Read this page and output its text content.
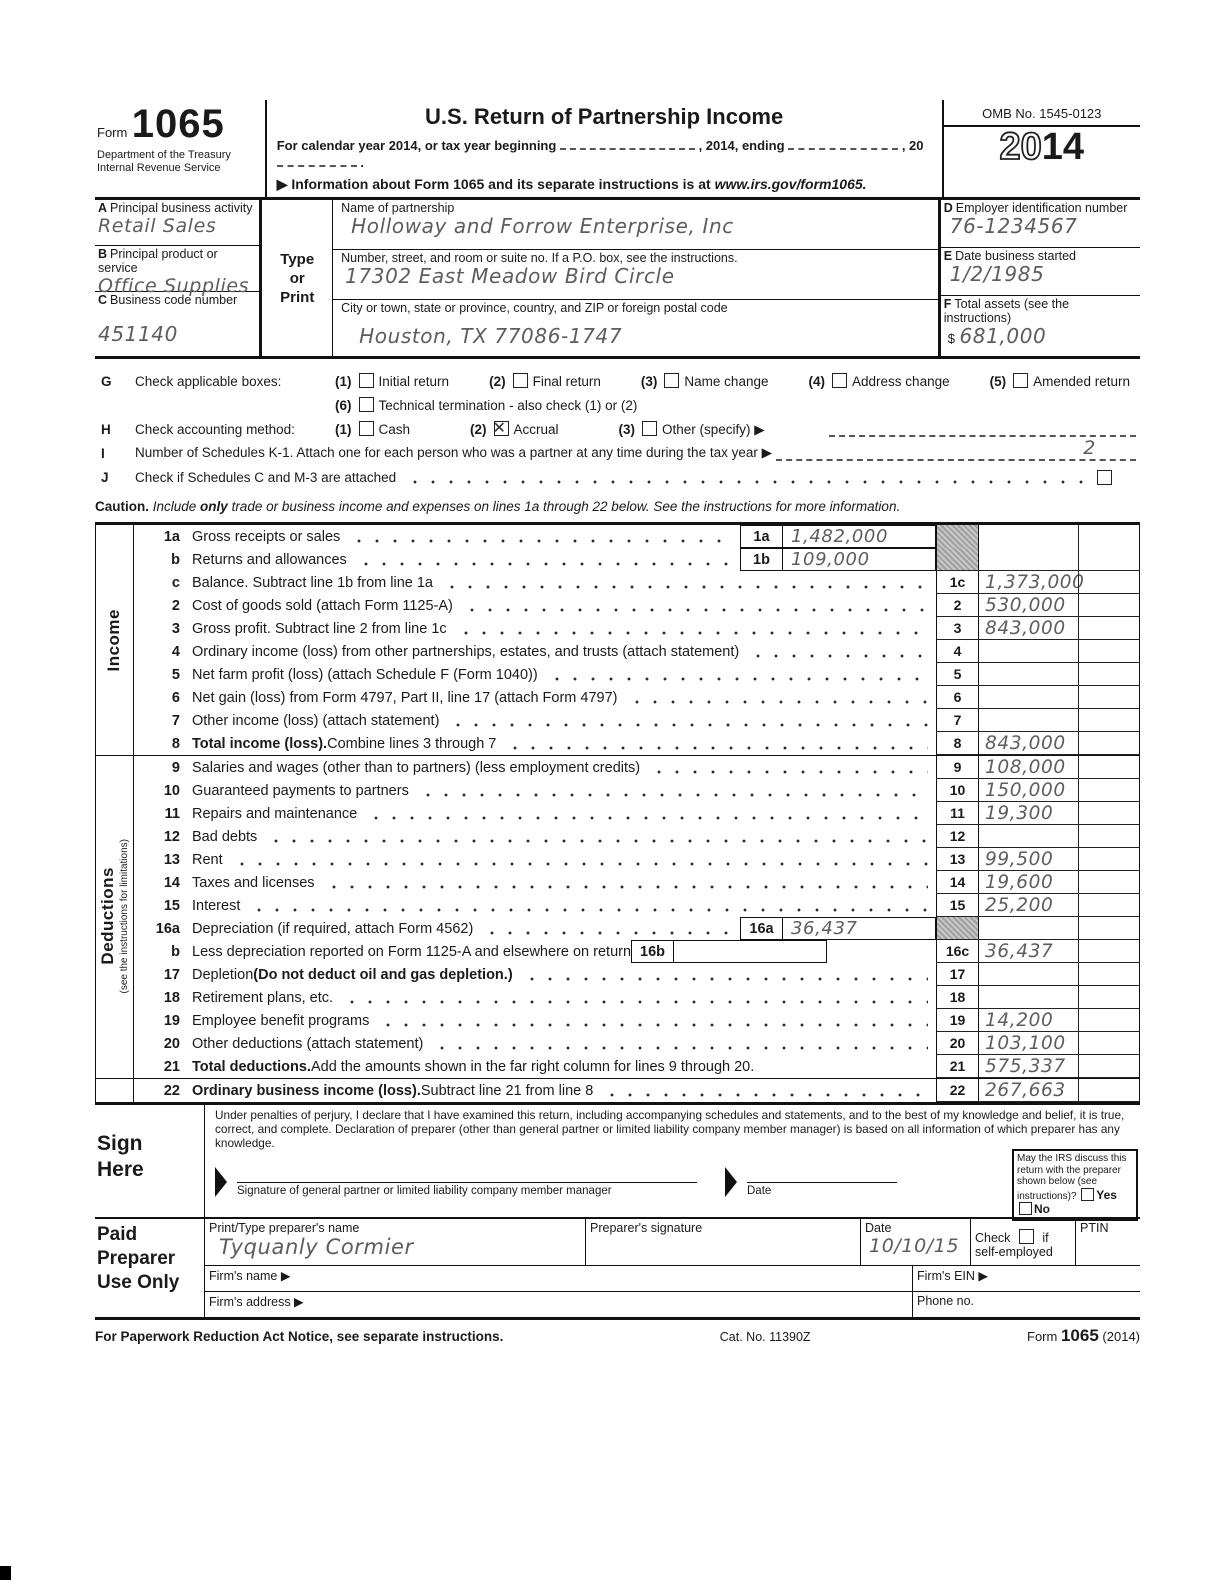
Form 1065
Department of the Treasury
Internal Revenue Service
U.S. Return of Partnership Income
For calendar year 2014, or tax year beginning	, 2014, ending	, 20  .
▶ Information about Form 1065 and its separate instructions is at www.irs.gov/form1065.
OMB No. 1545-0123
2014
A Principal business activity
Retail Sales
B Principal product or service
Office Supplies
C Business code number
451140
Type
or
Print
Name of partnership
Holloway and Forrow Enterprise, Inc
Number, street, and room or suite no. If a P.O. box, see the instructions.
17302 East Meadow Bird Circle
City or town, state or province, country, and ZIP or foreign postal code
Houston, TX 77086-1747
D Employer identification number
76-1234567
E Date business started
1/2/1985
F Total assets (see the instructions)
$ 681,000
G	Check applicable boxes:	(1) Initial return	(2) Final return	(3) Name change	(4) Address change	(5) Amended return
(6) Technical termination - also check (1) or (2)
H	Check accounting method:	(1) Cash	(2) ✕ Accrual	(3) Other (specify) ▶
I	Number of Schedules K-1. Attach one for each person who was a partner at any time during the tax year ▶	2
J	Check if Schedules C and M-3 are attached
Caution. Include only trade or business income and expenses on lines 1a through 22 below. See the instructions for more information.
Income
Deductions (see the instructions for limitations)
1a Gross receipts or sales	1a	1,482,000
b Returns and allowances	1b	109,000
c Balance. Subtract line 1b from line 1a	1c	1,373,000
2 Cost of goods sold (attach Form 1125-A)	2	530,000
3 Gross profit. Subtract line 2 from line 1c	3	843,000
4 Ordinary income (loss) from other partnerships, estates, and trusts (attach statement)	4
5 Net farm profit (loss) (attach Schedule F (Form 1040))	5
6 Net gain (loss) from Form 4797, Part II, line 17 (attach Form 4797)	6
7 Other income (loss) (attach statement)	7
8 Total income (loss). Combine lines 3 through 7	8	843,000
9 Salaries and wages (other than to partners) (less employment credits)	9	108,000
10 Guaranteed payments to partners	10	150,000
11 Repairs and maintenance	11	19,300
12 Bad debts	12
13 Rent	13	99,500
14 Taxes and licenses	14	19,600
15 Interest	15	25,200
16a Depreciation (if required, attach Form 4562)	16a 36,437
b Less depreciation reported on Form 1125-A and elsewhere on return 16b	16c 36,437
17 Depletion (Do not deduct oil and gas depletion.)	17
18 Retirement plans, etc.	18
19 Employee benefit programs	19	14,200
20 Other deductions (attach statement)	20	103,100
21 Total deductions. Add the amounts shown in the far right column for lines 9 through 20.	21	575,337
22 Ordinary business income (loss). Subtract line 21 from line 8	22	267,663
Sign
Here
Under penalties of perjury, I declare that I have examined this return, including accompanying schedules and statements, and to the best of my knowledge and belief, it is true, correct, and complete. Declaration of preparer (other than general partner or limited liability company member manager) is based on all information of which preparer has any knowledge.
Signature of general partner or limited liability company member manager	Date
May the IRS discuss this return with the preparer shown below (see instructions)? Yes No
Paid
Preparer
Use Only
Print/Type preparer's name
Tyquanly Cormier
Preparer's signature	Date
10/10/15 Check	if
self-employed
PTIN
Firm's name ▶	Firm's EIN ▶
Firm's address ▶	Phone no.
For Paperwork Reduction Act Notice, see separate instructions.	Cat. No. 11390Z	Form 1065 (2014)
